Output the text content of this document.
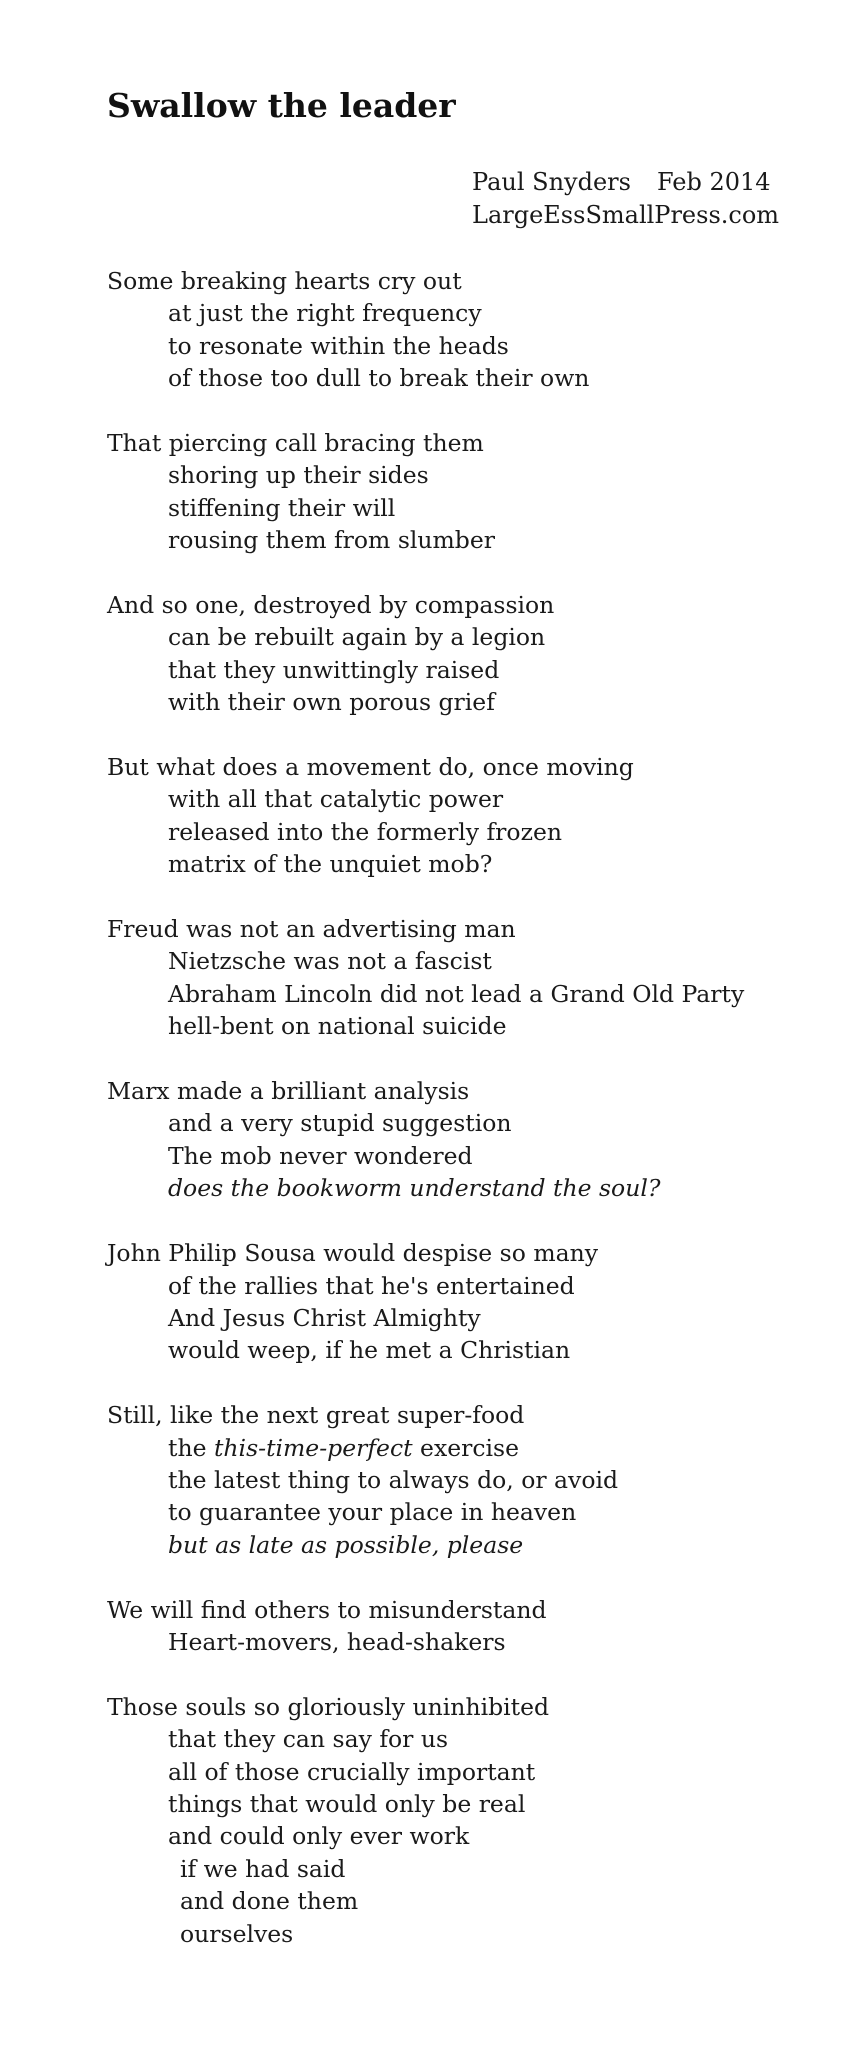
Swallow the leader
Paul Snyders Feb 2014
LargeEssSmallPress.com
Some breaking hearts cry out
at just the right frequency
to resonate within the heads
of those too dull to break their own
That piercing call bracing them
shoring up their sides
stiffening their will
rousing them from slumber
And so one, destroyed by compassion
can be rebuilt again by a legion
that they unwittingly raised
with their own porous grief
But what does a movement do, once moving
with all that catalytic power
released into the formerly frozen
matrix of the unquiet mob?
Freud was not an advertising man
Nietzsche was not a fascist
Abraham Lincoln did not lead a Grand Old Party
hell-bent on national suicide
Marx made a brilliant analysis
and a very stupid suggestion
The mob never wondered
does the bookworm understand the soul?
John Philip Sousa would despise so many
of the rallies that he's entertained
And Jesus Christ Almighty
would weep, if he met a Christian
Still, like the next great super-food
the this-time-perfect exercise
the latest thing to always do, or avoid
to guarantee your place in heaven
but as late as possible, please
We will find others to misunderstand
Heart-movers, head-shakers
Those souls so gloriously uninhibited
that they can say for us
all of those crucially important
things that would only be real
and could only ever work
if we had said
and done them
ourselves
